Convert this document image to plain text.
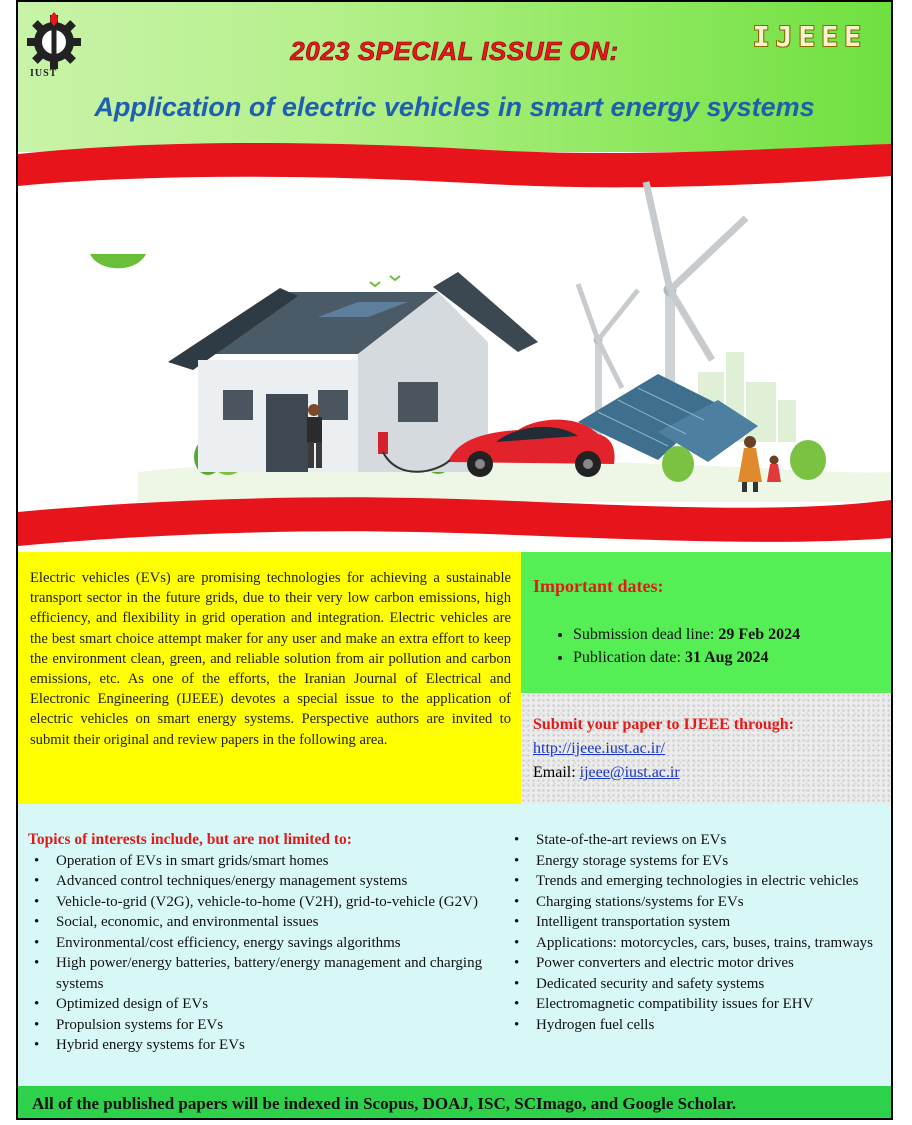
IUST
2023 SPECIAL ISSUE ON:	IJEEE
Application of electric vehicles in smart energy systems
Electric vehicles (EVs) are promising technologies for achieving a sustainable transport sector in the future grids, due to their very low carbon emissions, high efficiency, and flexibility in grid operation and integration. Electric vehicles are the best smart choice attempt maker for any user and make an extra effort to keep the environment clean, green, and reliable solution from air pollution and carbon emissions, etc. As one of the efforts, the Iranian Journal of Electrical and Electronic Engineering (IJEEE) devotes a special issue to the application of electric vehicles on smart energy systems. Perspective authors are invited to submit their original and review papers in the following area.
Important dates:
• Submission dead line: 29 Feb 2024
• Publication date: 31 Aug 2024
Submit your paper to IJEEE through:
http://ijeee.iust.ac.ir/
Email: ijeee@iust.ac.ir
Topics of interests include, but are not limited to:
• Operation of EVs in smart grids/smart homes
• Advanced control techniques/energy management systems
• Vehicle-to-grid (V2G), vehicle-to-home (V2H), grid-to-vehicle (G2V)
• Social, economic, and environmental issues
• Environmental/cost efficiency, energy savings algorithms
• High power/energy batteries, battery/energy management and charging systems
• Optimized design of EVs
• Propulsion systems for EVs
• Hybrid energy systems for EVs
• State-of-the-art reviews on EVs
• Energy storage systems for EVs
• Trends and emerging technologies in electric vehicles
• Charging stations/systems for EVs
• Intelligent transportation system
• Applications: motorcycles, cars, buses, trains, tramways
• Power converters and electric motor drives
• Dedicated security and safety systems
• Electromagnetic compatibility issues for EHV
• Hydrogen fuel cells
All of the published papers will be indexed in Scopus, DOAJ, ISC, SCImago, and Google Scholar.
